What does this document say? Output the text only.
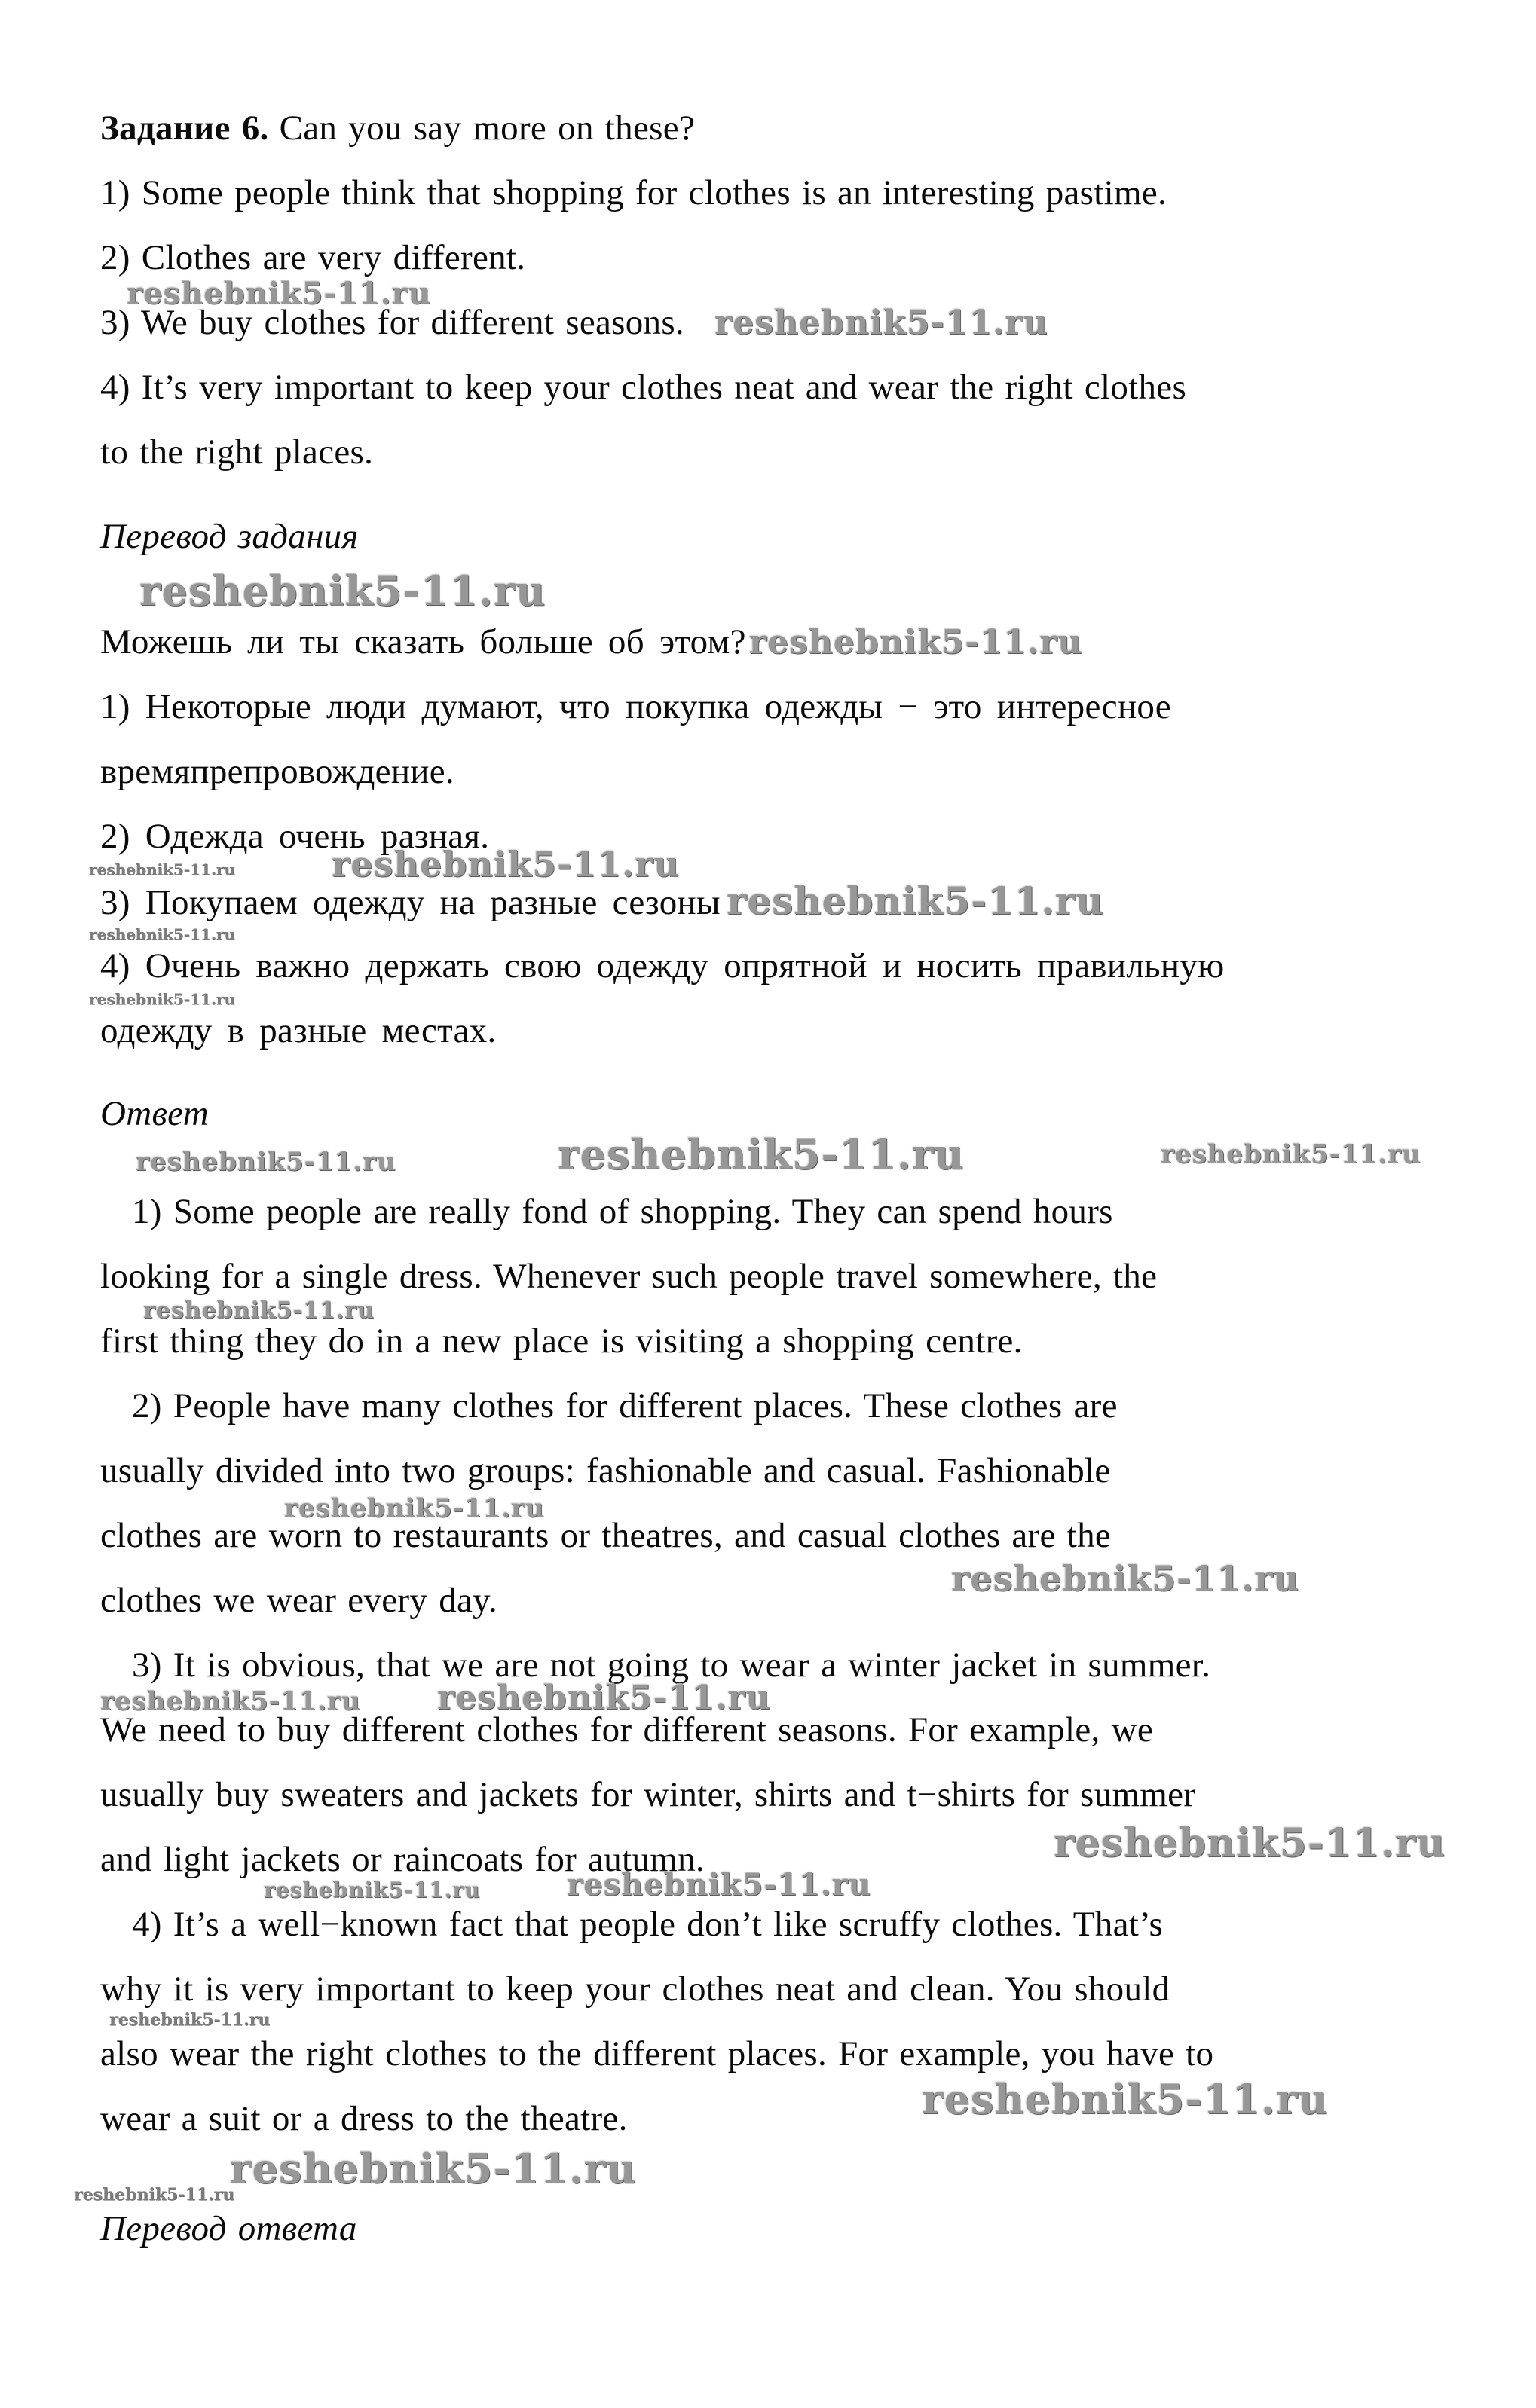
Задание 6. Can you say more on these?
1) Some people think that shopping for clothes is an interesting pastime.
2) Clothes are very different.
reshebnik5-11.ru
3) We buy clothes for different seasons. reshebnik5-11.ru
4) It’s very important to keep your clothes neat and wear the right clothes
to the right places.
Перевод задания
reshebnik5-11.ru
Можешь ли ты сказать больше об этом?reshebnik5-11.ru
1) Некоторые люди думают, что покупка одежды − это интересное
времяпрепровождение.
2) Одежда очень разная.
reshebnik5-11.ru	reshebnik5-11.ru
3) Покупаем одежду на разные сезоны reshebnik5-11.ru
reshebnik5-11.ru
4) Очень важно держать свою одежду опрятной и носить правильную
reshebnik5-11.ru
одежду в разные местах.
Ответ
reshebnik5-11.ru	reshebnik5-11.ru	reshebnik5-11.ru
1) Some people are really fond of shopping. They can spend hours
looking for a single dress. Whenever such people travel somewhere, the
reshebnik5-11.ru
first thing they do in a new place is visiting a shopping centre.
2) People have many clothes for different places. These clothes are
usually divided into two groups: fashionable and casual. Fashionable
reshebnik5-11.ru
clothes are worn to restaurants or theatres, and casual clothes are the
reshebnik5-11.ru
clothes we wear every day.
3) It is obvious, that we are not going to wear a winter jacket in summer.
reshebnik5-11.ru reshebnik5-11.ru
We need to buy different clothes for different seasons. For example, we
usually buy sweaters and jackets for winter, shirts and t−shirts for summer
reshebnik5-11.ru
and light jackets or raincoats for autumn.
reshebnik5-11.ru	reshebnik5-11.ru
4) It’s a well−known fact that people don’t like scruffy clothes. That’s
why it is very important to keep your clothes neat and clean. You should
reshebnik5-11.ru
also wear the right clothes to the different places. For example, you have to
reshebnik5-11.ru
wear a suit or a dress to the theatre.
reshebnik5-11.ru
reshebnik5-11.ru
Перевод ответа
